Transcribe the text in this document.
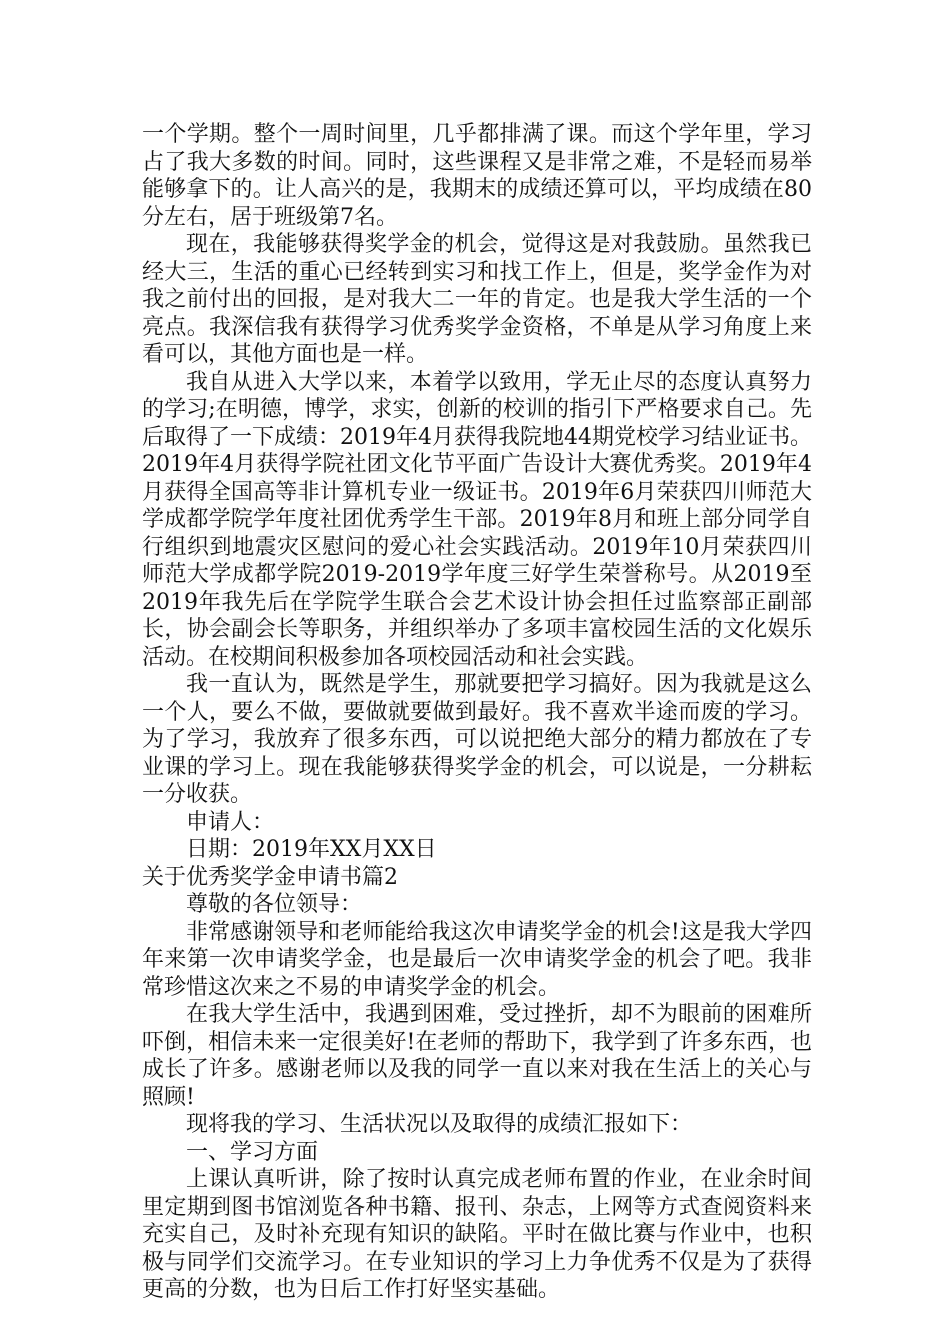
一个学期。整个一周时间里，几乎都排满了课。而这个学年里，学习占了我大多数的时间。同时，这些课程又是非常之难，不是轻而易举能够拿下的。让人高兴的是，我期末的成绩还算可以，平均成绩在80分左右，居于班级第7名。

现在，我能够获得奖学金的机会，觉得这是对我鼓励。虽然我已经大三，生活的重心已经转到实习和找工作上，但是，奖学金作为对我之前付出的回报，是对我大二一年的肯定。也是我大学生活的一个亮点。我深信我有获得学习优秀奖学金资格，不单是从学习角度上来看可以，其他方面也是一样。

我自从进入大学以来，本着学以致用，学无止尽的态度认真努力的学习;在明德，博学，求实，创新的校训的指引下严格要求自己。先后取得了一下成绩：2019年4月获得我院地44期党校学习结业证书。2019年4月获得学院社团文化节平面广告设计大赛优秀奖。2019年4月获得全国高等非计算机专业一级证书。2019年6月荣获四川师范大学成都学院学年度社团优秀学生干部。2019年8月和班上部分同学自行组织到地震灾区慰问的爱心社会实践活动。2019年10月荣获四川师范大学成都学院2019-2019学年度三好学生荣誉称号。从2019至2019年我先后在学院学生联合会艺术设计协会担任过监察部正副部长，协会副会长等职务，并组织举办了多项丰富校园生活的文化娱乐活动。在校期间积极参加各项校园活动和社会实践。

我一直认为，既然是学生，那就要把学习搞好。因为我就是这么一个人，要么不做，要做就要做到最好。我不喜欢半途而废的学习。为了学习，我放弃了很多东西，可以说把绝大部分的精力都放在了专业课的学习上。现在我能够获得奖学金的机会，可以说是，一分耕耘一分收获。

申请人：

日期：2019年XX月XX日

关于优秀奖学金申请书篇2

尊敬的各位领导：

非常感谢领导和老师能给我这次申请奖学金的机会!这是我大学四年来第一次申请奖学金，也是最后一次申请奖学金的机会了吧。我非常珍惜这次来之不易的申请奖学金的机会。

在我大学生活中，我遇到困难，受过挫折，却不为眼前的困难所吓倒，相信未来一定很美好!在老师的帮助下，我学到了许多东西，也成长了许多。感谢老师以及我的同学一直以来对我在生活上的关心与照顾!

现将我的学习、生活状况以及取得的成绩汇报如下：

一、学习方面

上课认真听讲，除了按时认真完成老师布置的作业，在业余时间里定期到图书馆浏览各种书籍、报刊、杂志，上网等方式查阅资料来充实自己，及时补充现有知识的缺陷。平时在做比赛与作业中，也积极与同学们交流学习。在专业知识的学习上力争优秀不仅是为了获得更高的分数，也为日后工作打好坚实基础。
